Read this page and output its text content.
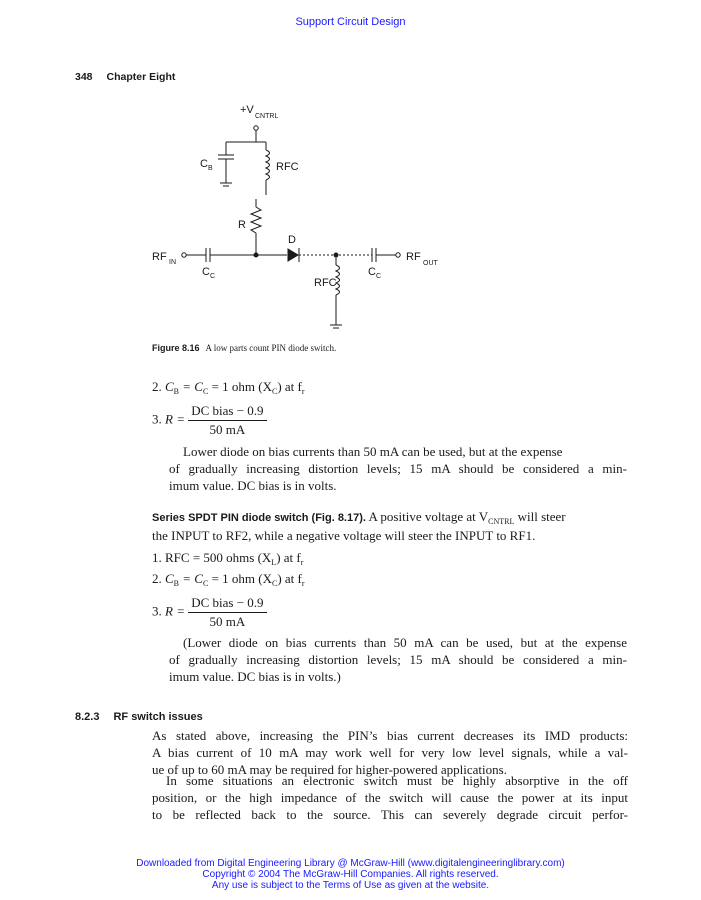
Support Circuit Design
348 Chapter Eight
+V
CNTRL
C B	RFC
R
RF IN
C C
D
C C
RF
OUT
RFC
Figure 8.16 A low parts count PIN diode switch.
2. $C_B = C_C = 1$ ohm $(X_C)$ at $f_r$
3. $R = \frac{\text{DC bias − 0.9}}{50 mA}$
Lower diode on bias currents than 50 mA can be used, but at the expense
of gradually increasing distortion levels; 15 mA should be considered a min-
imum value. DC bias is in volts.
Series SPDT PIN diode switch (Fig. 8.17). A positive voltage at $V_{CNTRL}$ will steer
the INPUT to RF2, while a negative voltage will steer the INPUT to RF1.
1. RFC = 500 ohms $(X_L)$ at $f_r$
2. $C_B = C_C = 1$ ohm $(X_C)$ at $f_r$
3. $R = \frac{\text{DC bias − 0.9}}{50 mA}$
(Lower diode on bias currents than 50 mA can be used, but at the expense
of gradually increasing distortion levels; 15 mA should be considered a min-
imum value. DC bias is in volts.)
8.2.3 RF switch issues
As stated above, increasing the PIN’s bias current decreases its IMD products:
A bias current of 10 mA may work well for very low level signals, while a val-
ue of up to 60 mA may be required for higher-powered applications.
In some situations an electronic switch must be highly absorptive in the off
position, or the high impedance of the switch will cause the power at its input
to be reflected back to the source. This can severely degrade circuit perfor-
Downloaded from Digital Engineering Library @ McGraw-Hill (www.digitalengineeringlibrary.com)
Copyright © 2004 The McGraw-Hill Companies. All rights reserved.
Any use is subject to the Terms of Use as given at the website.
